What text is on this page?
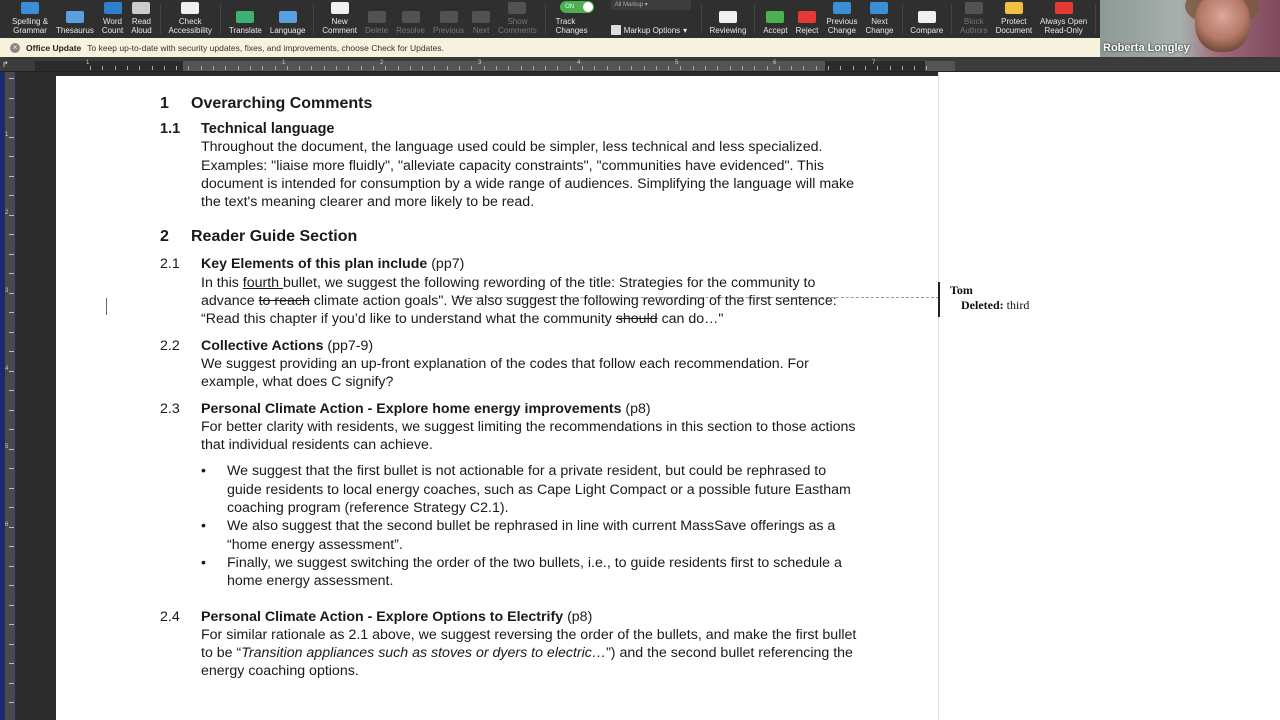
Spelling &
Grammar Thesaurus
Word
Count
Read
Aloud
Check
Accessibility Translate Language
New
Comment Delete Resolve Previous Next
Show
Comments
ON
Track Changes
All Markup ▾
Markup Options ▾	Reviewing Accept Reject
Previous
Change
Next
Change Compare
Block
Authors
Protect
Document
Always Open
Read-Only
Roberta Longley
×	Office Update To keep up-to-date with security updates, fixes, and improvements, choose Check for Updates.
↱	1	1	2	3	4	5	6	7
1
2
3
4
5
6
1	Overarching Comments
1.1	Technical language
Throughout the document, the language used could be simpler, less technical and less specialized. Examples: "liaise more fluidly", "alleviate capacity constraints", "communities have evidenced". This document is intended for consumption by a wide range of audiences. Simplifying the language will make the text's meaning clearer and more likely to be read.
2	Reader Guide Section
2.1	Key Elements of this plan include (pp7)
In this fourth bullet, we suggest the following rewording of the title: Strategies for the community to advance to reach climate action goals". We also suggest the following rewording of the first sentence: “Read this chapter if you’d like to understand what the community should can do…"
2.2	Collective Actions (pp7-9)
We suggest providing an up-front explanation of the codes that follow each recommendation. For example, what does C signify?
2.3	Personal Climate Action - Explore home energy improvements (p8)
For better clarity with residents, we suggest limiting the recommendations in this section to those actions that individual residents can achieve.
• We suggest that the first bullet is not actionable for a private resident, but could be rephrased to guide residents to local energy coaches, such as Cape Light Compact or a possible future Eastham coaching program (reference Strategy C2.1).
• We also suggest that the second bullet be rephrased in line with current MassSave offerings as a “home energy assessment”.
• Finally, we suggest switching the order of the two bullets, i.e., to guide residents first to schedule a home energy assessment.
2.4	Personal Climate Action - Explore Options to Electrify (p8)
For similar rationale as 2.1 above, we suggest reversing the order of the bullets, and make the first bullet to be “Transition appliances such as stoves or dyers to electric…”) and the second bullet referencing the energy coaching options.
Tom
Deleted: third
